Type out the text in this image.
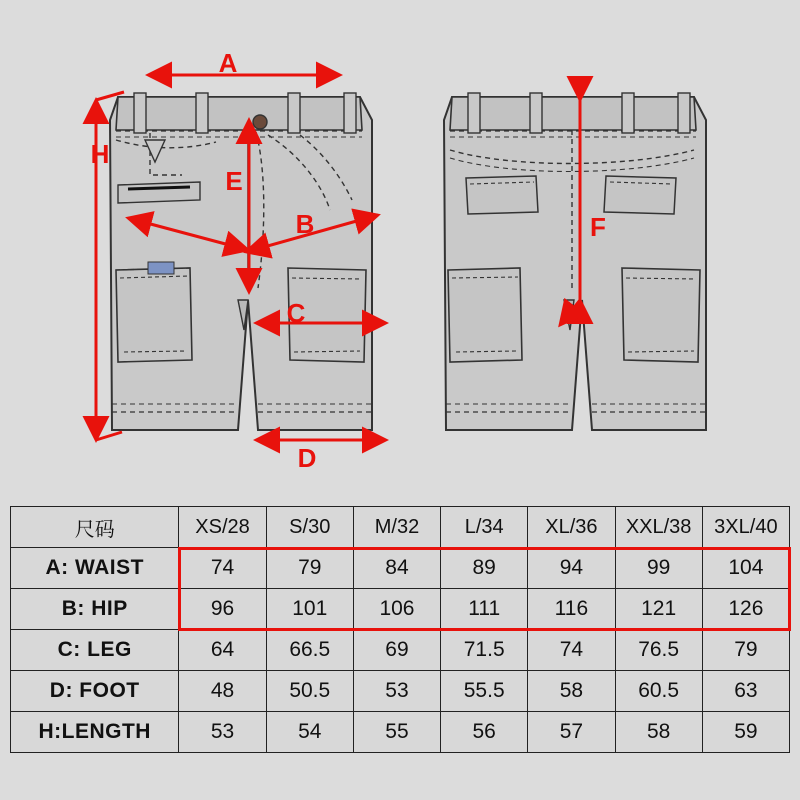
A
H
E
B
C
D
F
尺码	XS/28	S/30	M/32	L/34	XL/36	XXL/38	3XL/40
A: WAIST	74	79	84	89	94	99	104
B: HIP	96	101	106	111	116	121	126
C: LEG	64	66.5	69	71.5	74	76.5	79
D: FOOT	48	50.5	53	55.5	58	60.5	63
H:LENGTH	53	54	55	56	57	58	59
